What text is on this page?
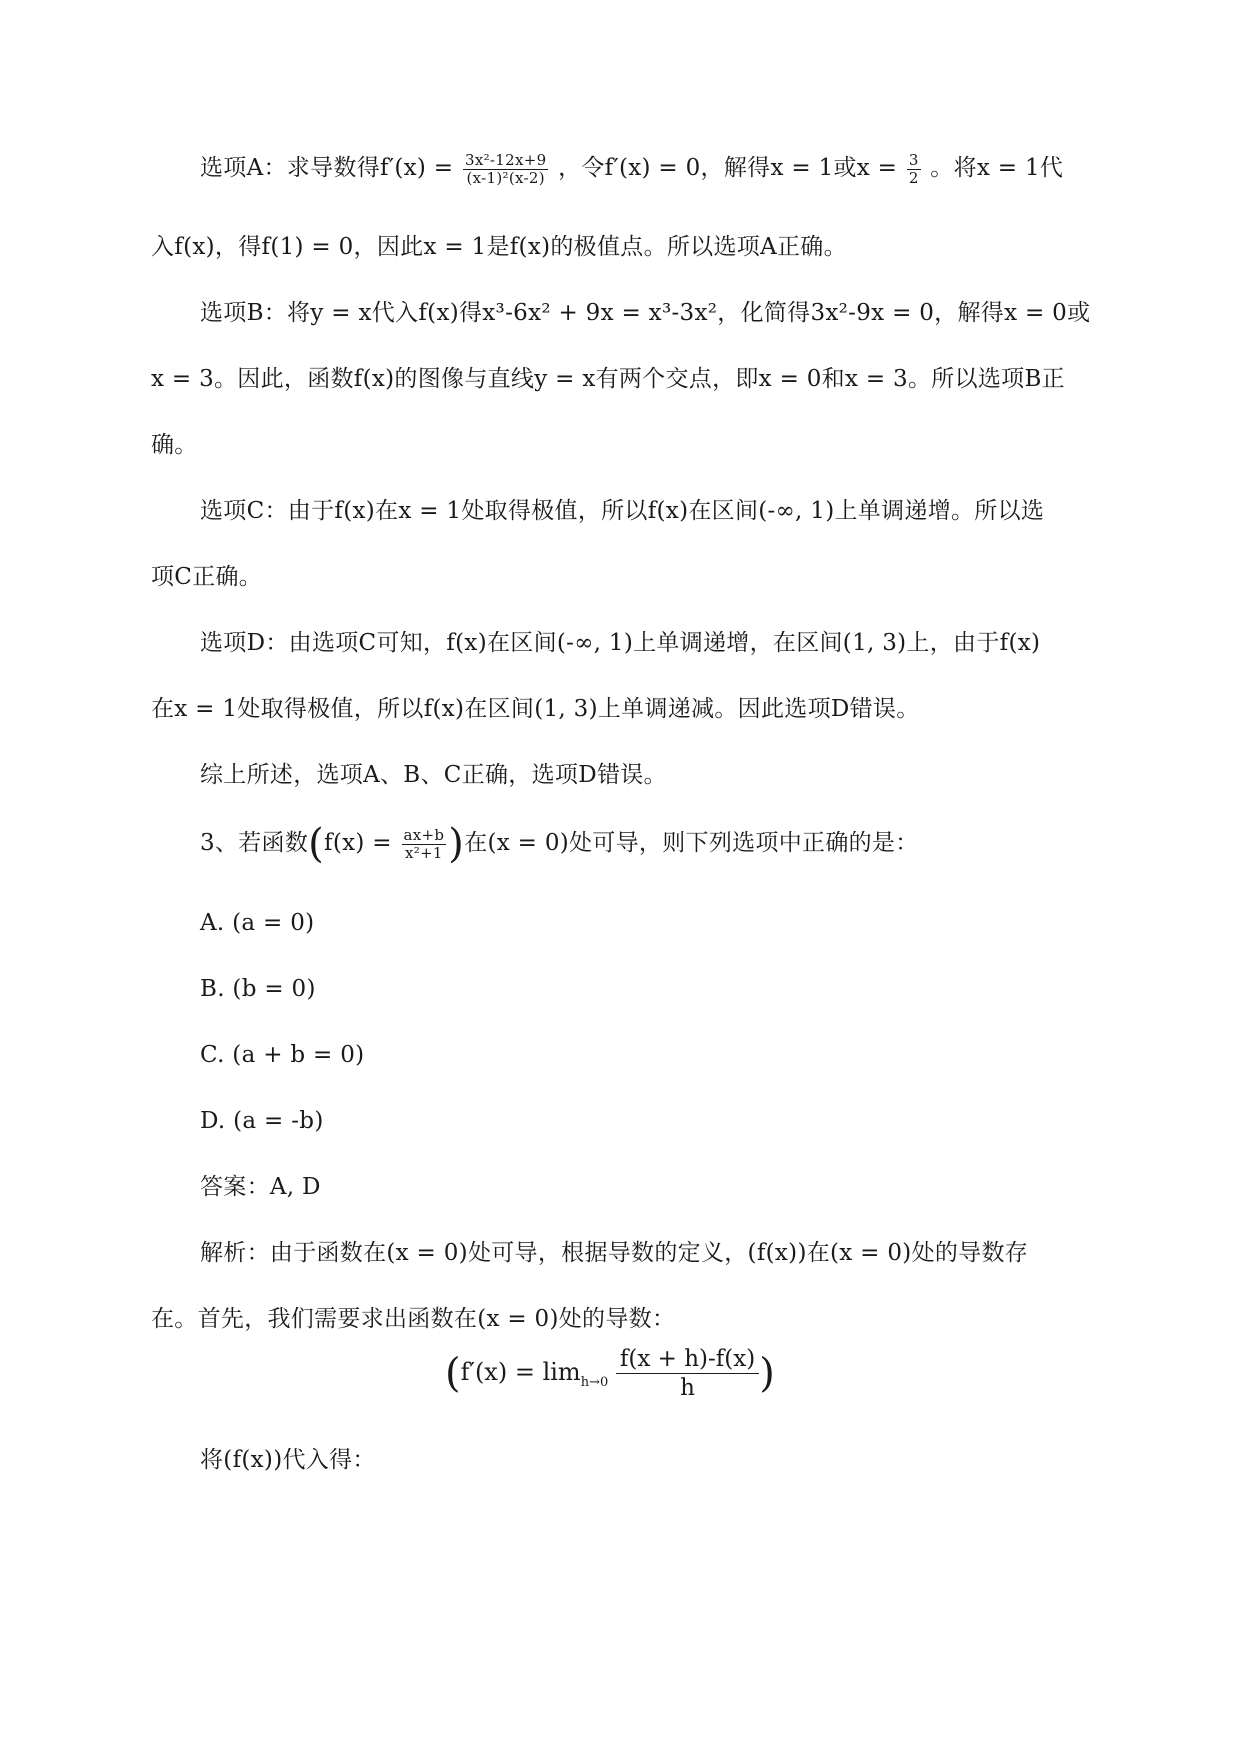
选项A：求导数得$f'(x) = \frac{\text{3x²-12x+9}}{\text{(x-1)²(x-2)}}$ ，令f′(x) = 0，解得x = 1或$x = \frac{3}{2}$ 。将x = 1代
入f(x)，得f(1) = 0，因此x = 1是f(x)的极值点。所以选项A正确。
选项B：将y = x代入f(x)得x³-6x² + 9x = x³-3x²，化简得3x²-9x = 0，解得x = 0或
x = 3。因此，函数f(x)的图像与直线y = x有两个交点，即x = 0和x = 3。所以选项B正
确。
选项C：由于f(x)在x = 1处取得极值，所以f(x)在区间(-∞, 1)上单调递增。所以选
项C正确。
选项D：由选项C可知，f(x)在区间(-∞, 1)上单调递增，在区间(1, 3)上，由于f(x)
在x = 1处取得极值，所以f(x)在区间(1, 3)上单调递减。因此选项D错误。
综上所述，选项A、B、C正确，选项D错误。
3、若函数($f(x) = \frac{ax+b}{\text{x²+1}}$ )在(x = 0)处可导，则下列选项中正确的是：
A. (a = 0)
B. (b = 0)
C. (a + b = 0)
D. (a = -b)
答案：A, D
解析：由于函数在(x = 0)处可导，根据导数的定义，(f(x))在(x = 0)处的导数存
在。首先，我们需要求出函数在(x = 0)处的导数：
($f'(x) = \lim_{h\to 0} \frac{f(x + h)-f(x)}{h}$ )
将(f(x))代入得：
